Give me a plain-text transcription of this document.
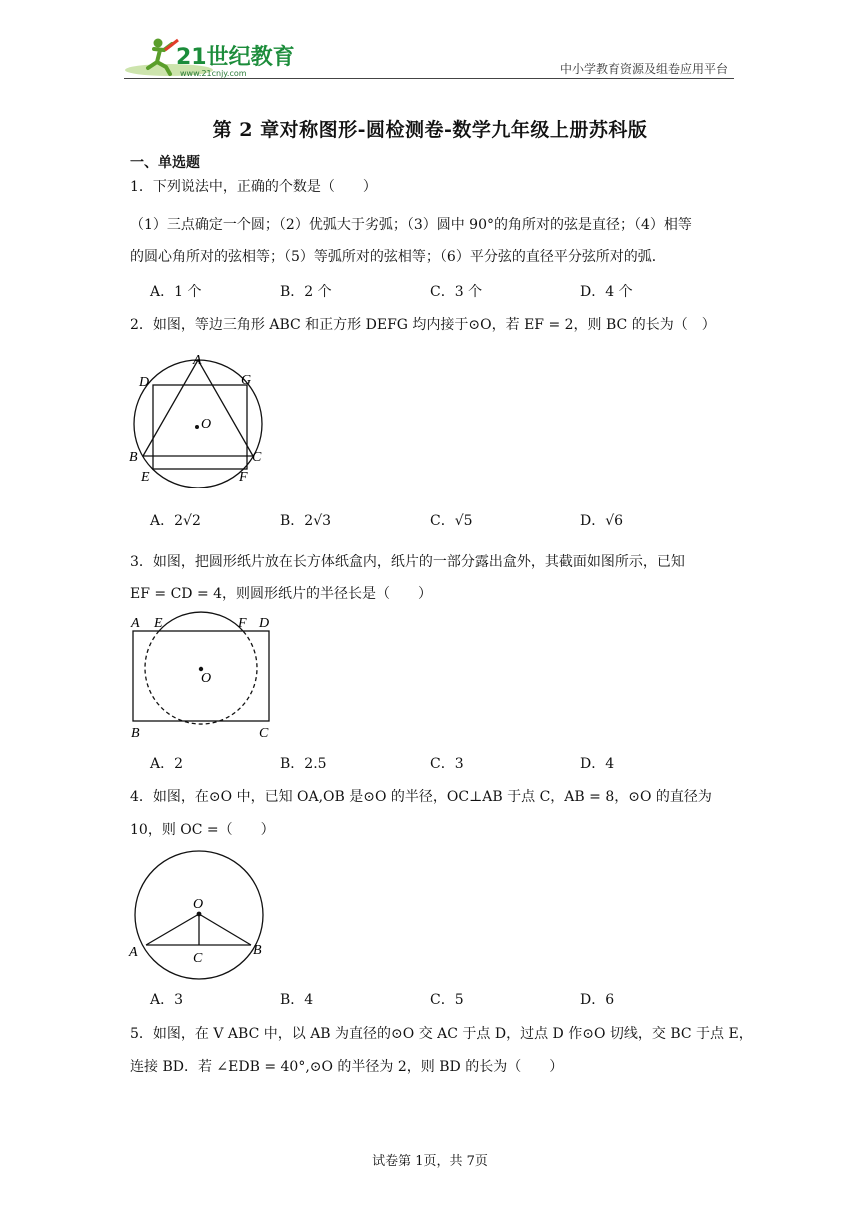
21世纪教育
www.21cnjy.com	中小学教育资源及组卷应用平台
第 2 章对称图形-圆检测卷-数学九年级上册苏科版
一、单选题
1．下列说法中，正确的个数是（　　）
（1）三点确定一个圆；（2）优弧大于劣弧；（3）圆中 90°的角所对的弦是直径；（4）相等
的圆心角所对的弦相等；（5）等弧所对的弦相等；（6）平分弦的直径平分弦所对的弧．
A．1 个	B．2 个	C．3 个	D．4 个
2．如图，等边三角形 ABC 和正方形 DEFG 均内接于⊙O，若 EF = 2，则 BC 的长为（　）
A
D	G
O
B	C
E	F
A．2√2	B．2√3	C．√5	D．√6
3．如图，把圆形纸片放在长方体纸盒内，纸片的一部分露出盒外，其截面如图所示，已知
EF = CD = 4，则圆形纸片的半径长是（　　）
A E	F D
O
B	C
A．2	B．2.5	C．3	D．4
4．如图，在⊙O 中，已知 OA,OB 是⊙O 的半径，OC⊥AB 于点 C，AB = 8，⊙O 的直径为
10，则 OC =（　　）
O
A	C
B
A．3	B．4	C．5	D．6
5．如图，在 V ABC 中，以 AB 为直径的⊙O 交 AC 于点 D，过点 D 作⊙O 切线，交 BC 于点 E，
连接 BD．若 ∠EDB = 40°,⊙O 的半径为 2，则 BD 的长为（　　）
试卷第 1页，共 7页
